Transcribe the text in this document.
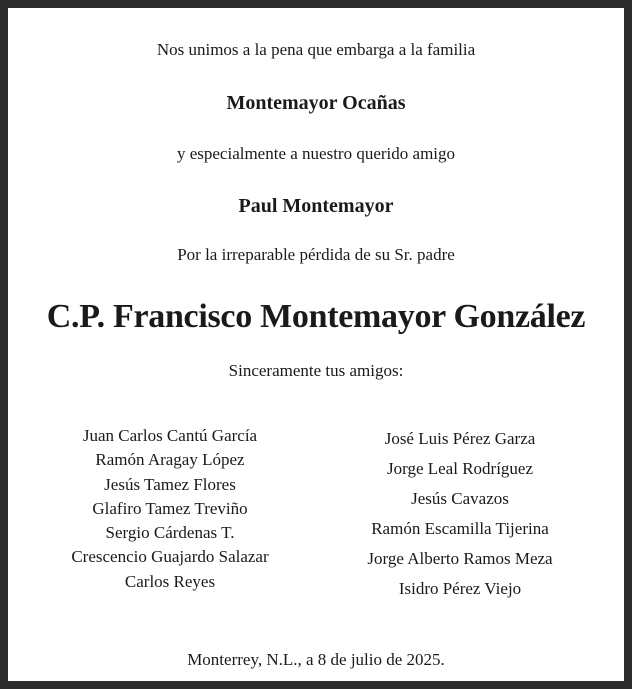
Nos unimos a la pena que embarga a la familia
Montemayor Ocañas
y especialmente a nuestro querido amigo
Paul Montemayor
Por la irreparable pérdida de su Sr. padre
C.P. Francisco Montemayor González
Sinceramente tus amigos:
Juan Carlos Cantú García
Ramón Aragay López
Jesús Tamez Flores
Glafiro Tamez Treviño
Sergio Cárdenas T.
Crescencio Guajardo Salazar
Carlos Reyes
José Luis Pérez Garza
Jorge Leal Rodríguez
Jesús Cavazos
Ramón Escamilla Tijerina
Jorge Alberto Ramos Meza
Isidro Pérez Viejo
Monterrey, N.L., a 8 de julio de 2025.
